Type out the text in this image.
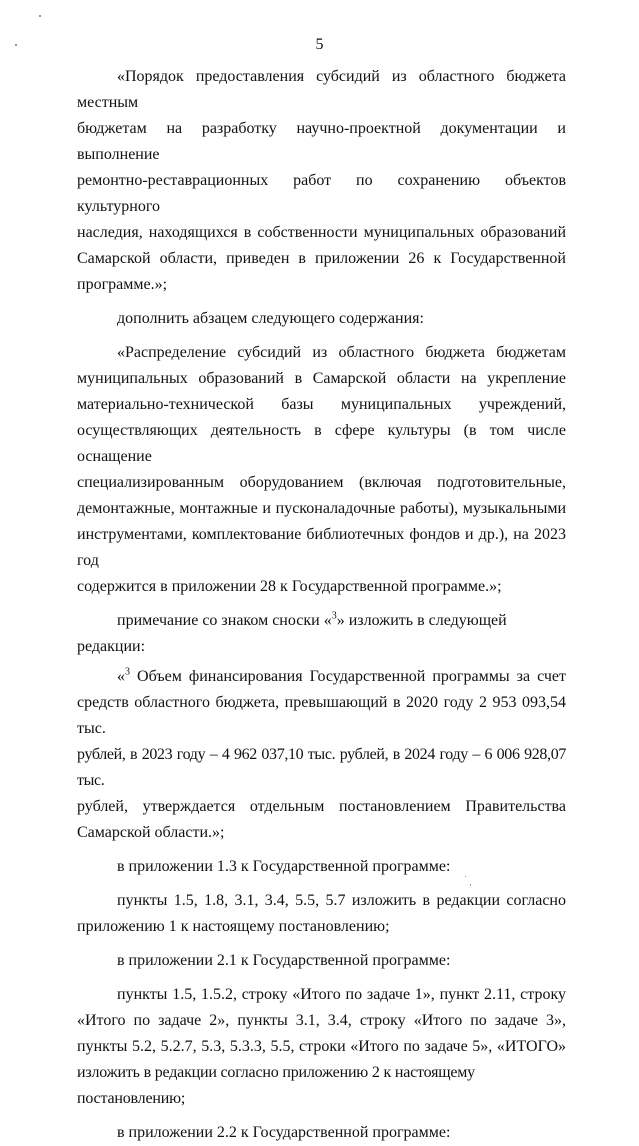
5
«Порядок предоставления субсидий из областного бюджета местным
бюджетам на разработку научно-проектной документации и выполнение
ремонтно-реставрационных работ по сохранению объектов культурного
наследия, находящихся в собственности муниципальных образований
Самарской области, приведен в приложении 26 к Государственной
программе.»;
дополнить абзацем следующего содержания:
«Распределение субсидий из областного бюджета бюджетам
муниципальных образований в Самарской области на укрепление
материально-технической базы муниципальных учреждений,
осуществляющих деятельность в сфере культуры (в том числе оснащение
специализированным оборудованием (включая подготовительные,
демонтажные, монтажные и пусконаладочные работы), музыкальными
инструментами, комплектование библиотечных фондов и др.), на 2023 год
содержится в приложении 28 к Государственной программе.»;
примечание со знаком сноски «$^3$» изложить в следующей редакции:
«$^3$ Объем финансирования Государственной программы за счет
средств областного бюджета, превышающий в 2020 году 2 953 093,54 тыс.
рублей, в 2023 году – 4 962 037,10 тыс. рублей, в 2024 году – 6 006 928,07 тыс.
рублей, утверждается отдельным постановлением Правительства
Самарской области.»;
в приложении 1.3 к Государственной программе:
пункты 1.5, 1.8, 3.1, 3.4, 5.5, 5.7 изложить в редакции согласно
приложению 1 к настоящему постановлению;
в приложении 2.1 к Государственной программе:
пункты 1.5, 1.5.2, строку «Итого по задаче 1», пункт 2.11, строку
«Итого по задаче 2», пункты 3.1, 3.4, строку «Итого по задаче 3»,
пункты 5.2, 5.2.7, 5.3, 5.3.3, 5.5, строки «Итого по задаче 5», «ИТОГО»
изложить в редакции согласно приложению 2 к настоящему постановлению;
в приложении 2.2 к Государственной программе:
